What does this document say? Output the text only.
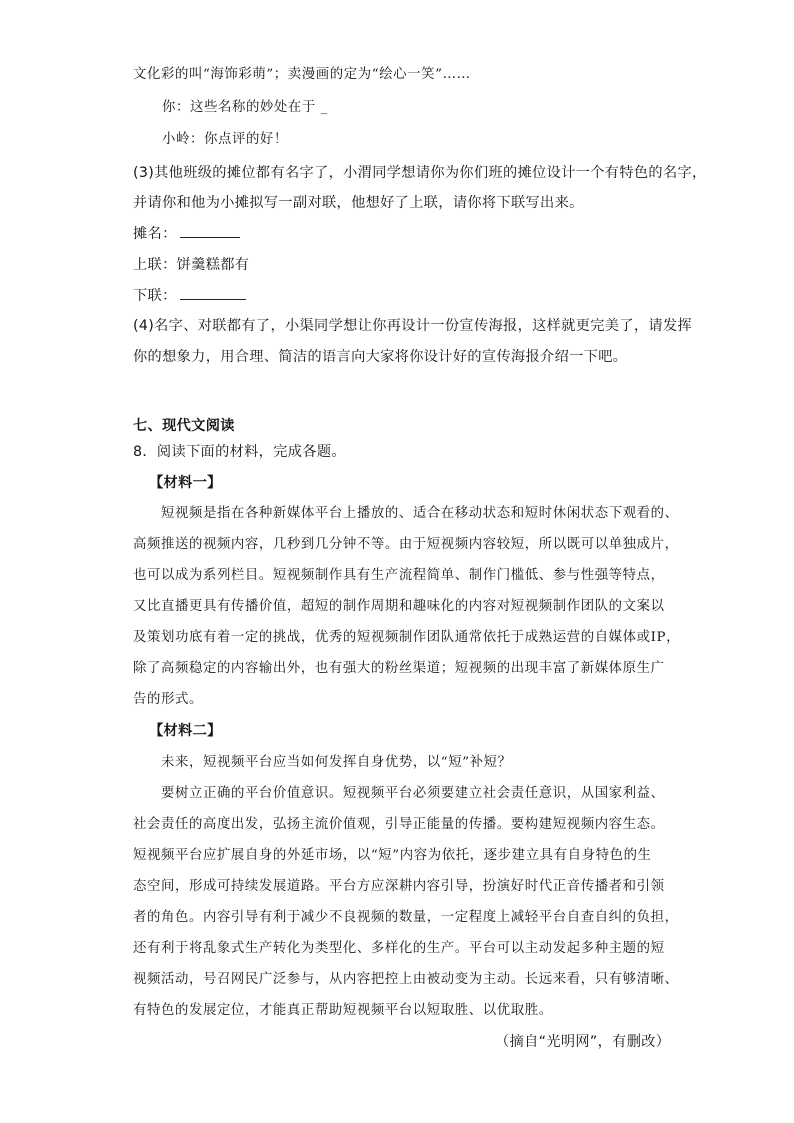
文化彩的叫“海饰彩萌”；卖漫画的定为“绘心一笑”……
你：这些名称的妙处在于 _
小岭：你点评的好！
(3)其他班级的摊位都有名字了，小渭同学想请你为你们班的摊位设计一个有特色的名字，
并请你和他为小摊拟写一副对联，他想好了上联，请你将下联写出来。
摊名：
上联：饼羹糕都有
下联：
(4)名字、对联都有了，小渠同学想让你再设计一份宣传海报，这样就更完美了，请发挥
你的想象力，用合理、简洁的语言向大家将你设计好的宣传海报介绍一下吧。
七、现代文阅读
8．阅读下面的材料，完成各题。
【材料一】
短视频是指在各种新媒体平台上播放的、适合在移动状态和短时休闲状态下观看的、
高频推送的视频内容，几秒到几分钟不等。由于短视频内容较短，所以既可以单独成片，
也可以成为系列栏目。短视频制作具有生产流程简单、制作门槛低、参与性强等特点，
又比直播更具有传播价值，超短的制作周期和趣味化的内容对短视频制作团队的文案以
及策划功底有着一定的挑战，优秀的短视频制作团队通常依托于成熟运营的自媒体或IP，
除了高频稳定的内容输出外，也有强大的粉丝渠道；短视频的出现丰富了新媒体原生广
告的形式。
【材料二】
未来，短视频平台应当如何发挥自身优势，以“短”补短？
要树立正确的平台价值意识。短视频平台必须要建立社会责任意识，从国家利益、
社会责任的高度出发，弘扬主流价值观，引导正能量的传播。要构建短视频内容生态。
短视频平台应扩展自身的外延市场，以“短”内容为依托，逐步建立具有自身特色的生
态空间，形成可持续发展道路。平台方应深耕内容引导，扮演好时代正音传播者和引领
者的角色。内容引导有利于减少不良视频的数量，一定程度上减轻平台自查自纠的负担，
还有利于将乱象式生产转化为类型化、多样化的生产。平台可以主动发起多种主题的短
视频活动，号召网民广泛参与，从内容把控上由被动变为主动。长远来看，只有够清晰、
有特色的发展定位，才能真正帮助短视频平台以短取胜、以优取胜。
（摘自“光明网”，有删改）
